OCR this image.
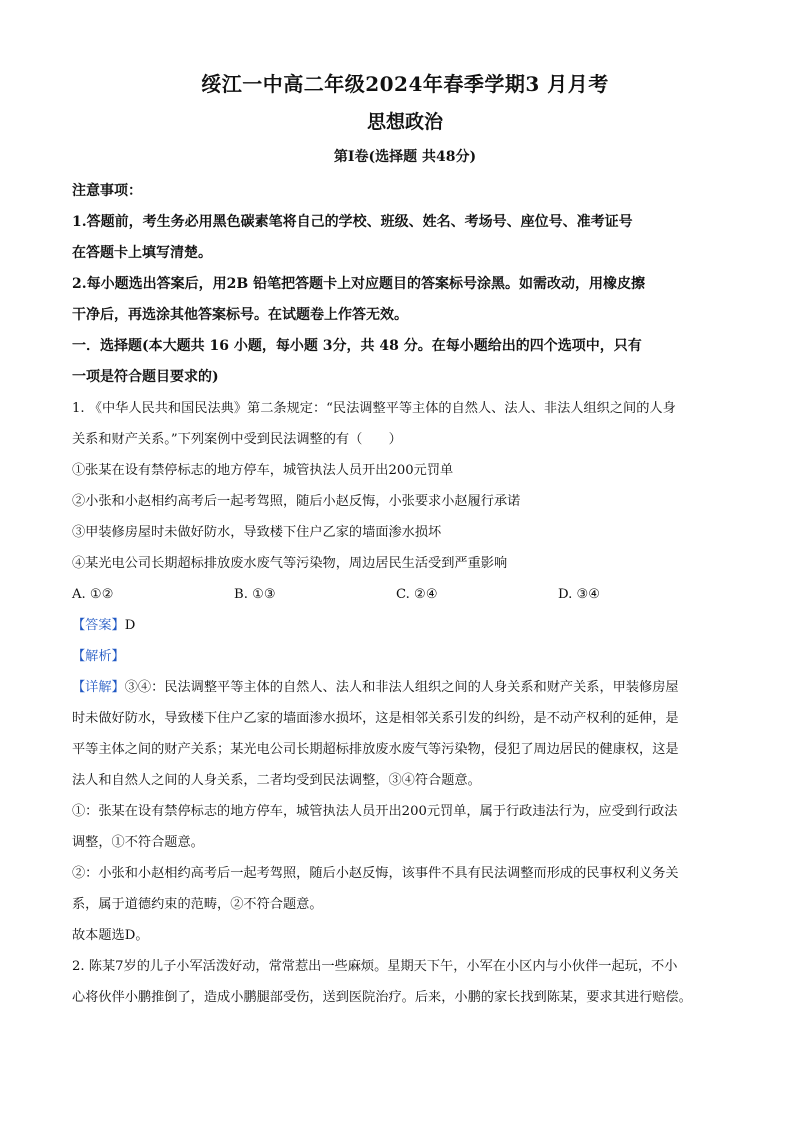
绥江一中高二年级2024年春季学期3 月月考
思想政治
第Ⅰ卷(选择题 共48分)

注意事项：

1.答题前，考生务必用黑色碳素笔将自己的学校、班级、姓名、考场号、座位号、准考证号

在答题卡上填写清楚。

2.每小题选出答案后，用2B 铅笔把答题卡上对应题目的答案标号涂黑。如需改动，用橡皮擦

干净后，再选涂其他答案标号。在试题卷上作答无效。

一．选择题(本大题共 16 小题，每小题 3分，共 48 分。在每小题给出的四个选项中，只有

一项是符合题目要求的)

1. 《中华人民共和国民法典》第二条规定：“民法调整平等主体的自然人、法人、非法人组织之间的人身

关系和财产关系。”下列案例中受到民法调整的有（　　）

①张某在设有禁停标志的地方停车，城管执法人员开出200元罚单

②小张和小赵相约高考后一起考驾照，随后小赵反悔，小张要求小赵履行承诺

③甲装修房屋时未做好防水，导致楼下住户乙家的墙面渗水损坏

④某光电公司长期超标排放废水废气等污染物，周边居民生活受到严重影响

A. ①②	B. ①③	C. ②④	D. ③④

【答案】D

【解析】

【详解】③④：民法调整平等主体的自然人、法人和非法人组织之间的人身关系和财产关系，甲装修房屋

时未做好防水，导致楼下住户乙家的墙面渗水损坏，这是相邻关系引发的纠纷，是不动产权利的延伸，是

平等主体之间的财产关系；某光电公司长期超标排放废水废气等污染物，侵犯了周边居民的健康权，这是

法人和自然人之间的人身关系，二者均受到民法调整，③④符合题意。

①：张某在设有禁停标志的地方停车，城管执法人员开出200元罚单，属于行政违法行为，应受到行政法

调整，①不符合题意。

②：小张和小赵相约高考后一起考驾照，随后小赵反悔，该事件不具有民法调整而形成的民事权利义务关

系，属于道德约束的范畴，②不符合题意。

故本题选D。

2. 陈某7岁的儿子小军活泼好动，常常惹出一些麻烦。星期天下午，小军在小区内与小伙伴一起玩，不小

心将伙伴小鹏推倒了，造成小鹏腿部受伤，送到医院治疗。后来，小鹏的家长找到陈某，要求其进行赔偿。
